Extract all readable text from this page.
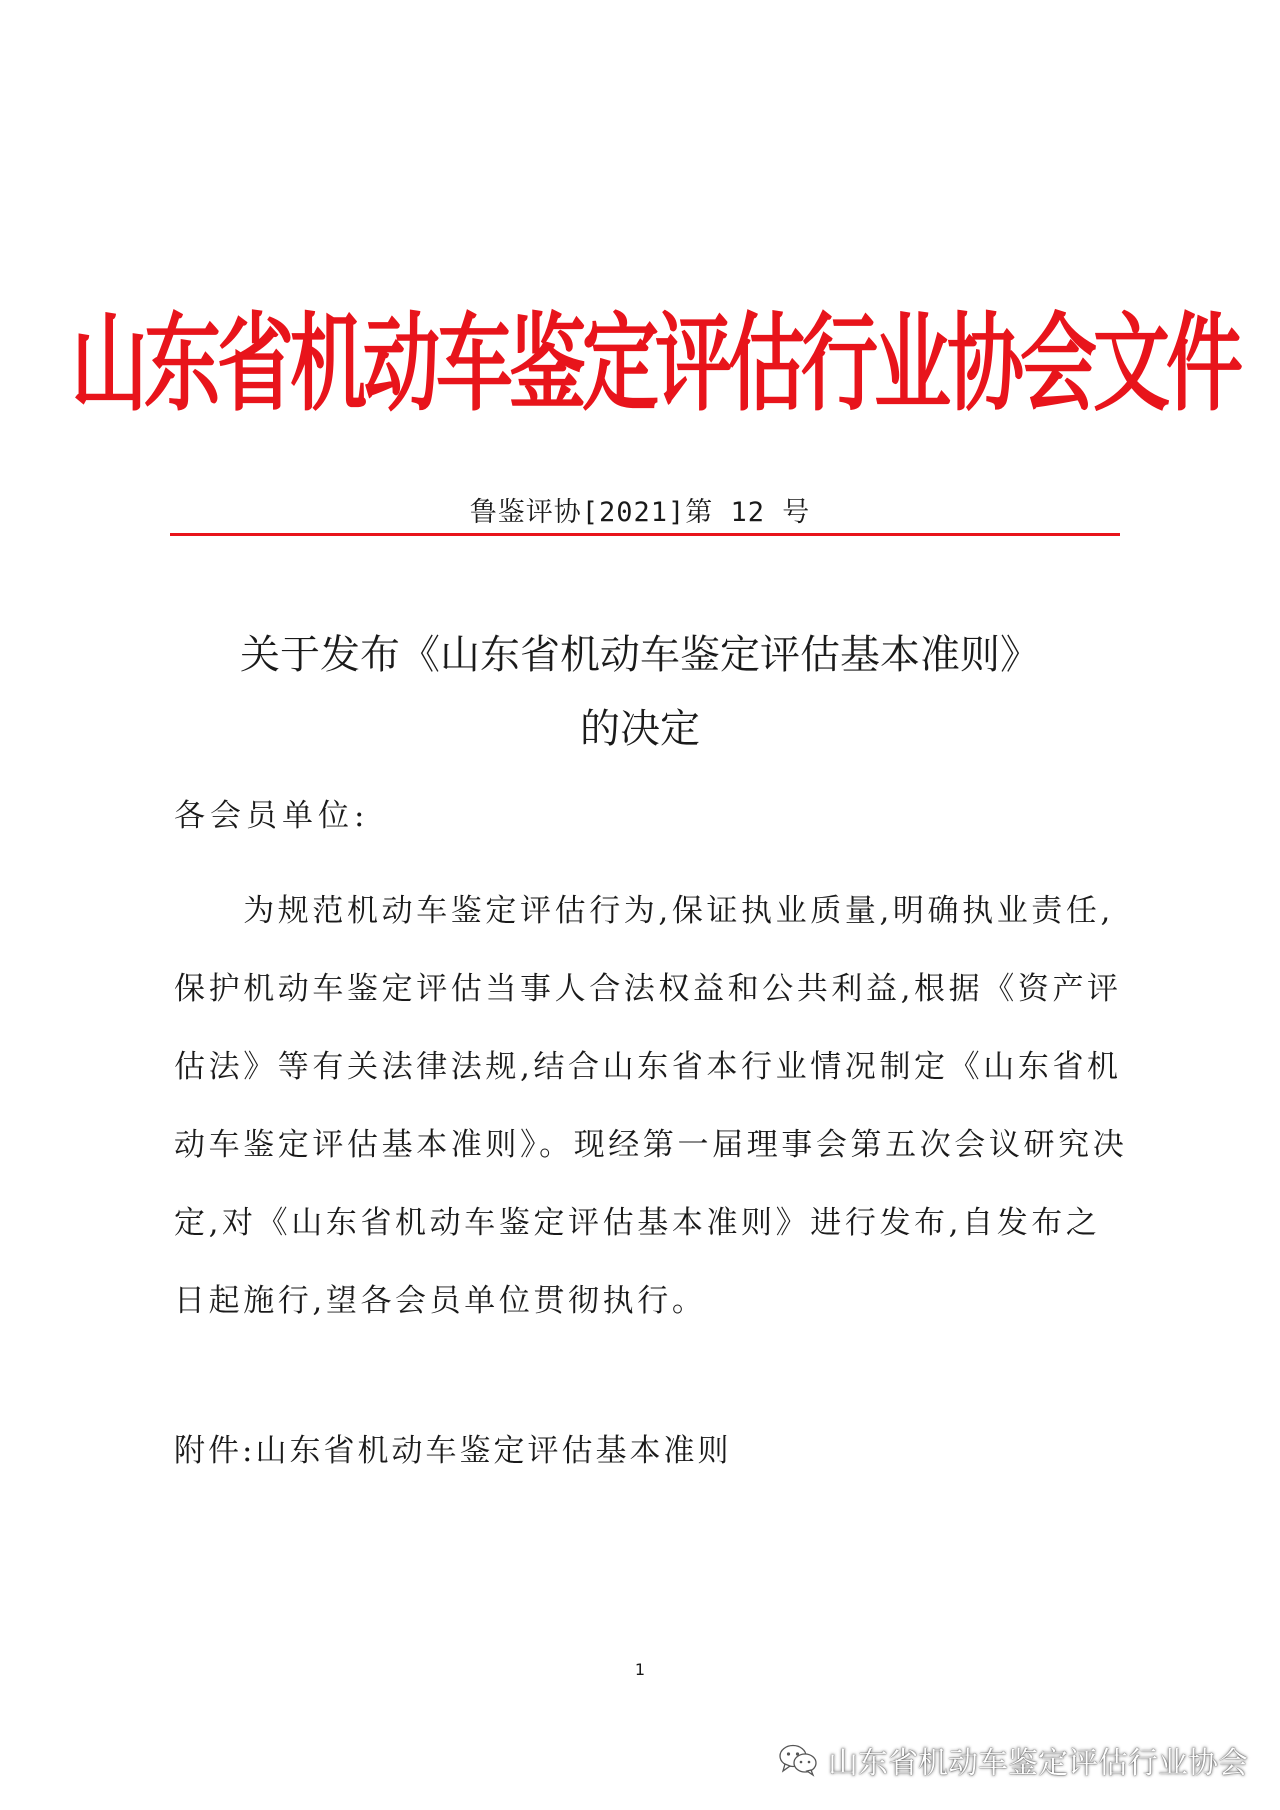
山东省机动车鉴定评估行业协会文件
鲁鉴评协[2021]第 12 号
关于发布《山东省机动车鉴定评估基本准则》
的决定
各会员单位:
　　为规范机动车鉴定评估行为,保证执业质量,明确执业责任,
保护机动车鉴定评估当事人合法权益和公共利益,根据《资产评
估法》等有关法律法规,结合山东省本行业情况制定《山东省机
动车鉴定评估基本准则》。现经第一届理事会第五次会议研究决
定,对《山东省机动车鉴定评估基本准则》进行发布,自发布之
日起施行,望各会员单位贯彻执行。
附件:山东省机动车鉴定评估基本准则
1
山东省机动车鉴定评估行业协会
